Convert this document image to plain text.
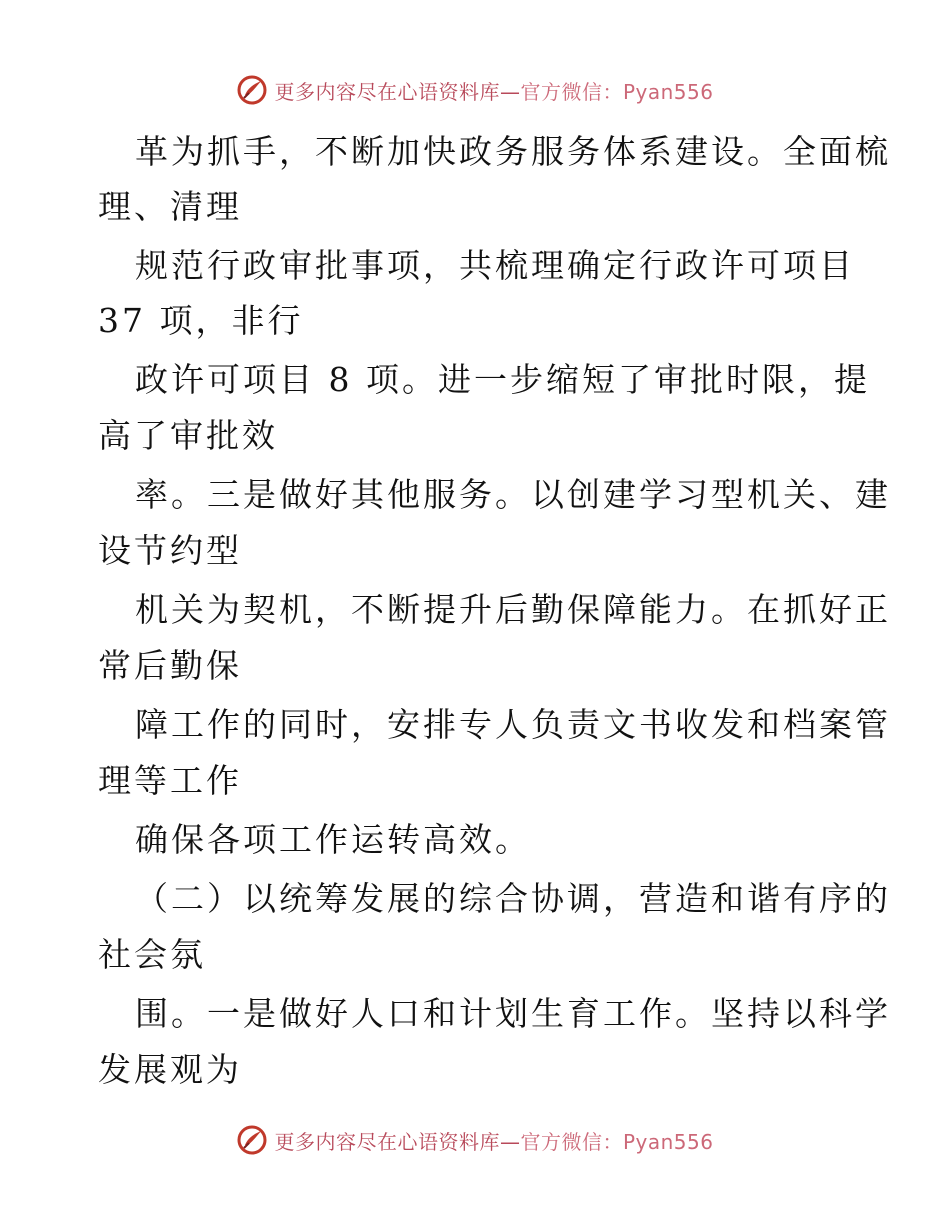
更多内容尽在心语资料库—官方微信：Pyan556
革为抓手，不断加快政务服务体系建设。全面梳
理、清理
规范行政审批事项，共梳理确定行政许可项目
37 项，非行
政许可项目 8 项。进一步缩短了审批时限，提
高了审批效
率。三是做好其他服务。以创建学习型机关、建
设节约型
机关为契机，不断提升后勤保障能力。在抓好正
常后勤保
障工作的同时，安排专人负责文书收发和档案管
理等工作
确保各项工作运转高效。
（二）以统筹发展的综合协调，营造和谐有序的
社会氛
围。一是做好人口和计划生育工作。坚持以科学
发展观为
更多内容尽在心语资料库—官方微信：Pyan556
